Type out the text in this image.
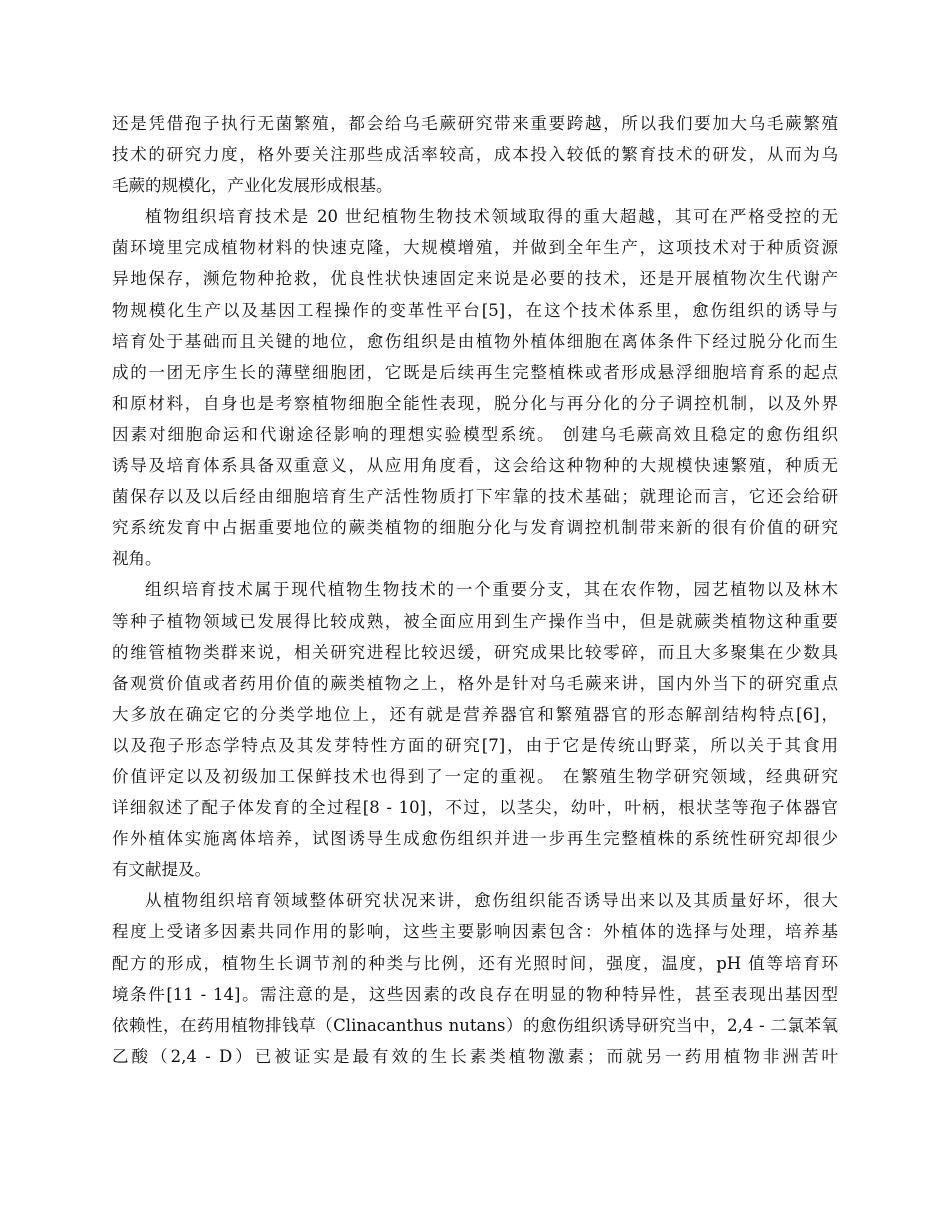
还是凭借孢子执行无菌繁殖，都会给乌毛蕨研究带来重要跨越，所以我们要加大乌毛蕨繁殖
技术的研究力度，格外要关注那些成活率较高，成本投入较低的繁育技术的研发，从而为乌
毛蕨的规模化，产业化发展形成根基。
植物组织培育技术是 20 世纪植物生物技术领域取得的重大超越，其可在严格受控的无
菌环境里完成植物材料的快速克隆，大规模增殖，并做到全年生产，这项技术对于种质资源
异地保存，濒危物种抢救，优良性状快速固定来说是必要的技术，还是开展植物次生代谢产
物规模化生产以及基因工程操作的变革性平台[5]，在这个技术体系里，愈伤组织的诱导与
培育处于基础而且关键的地位，愈伤组织是由植物外植体细胞在离体条件下经过脱分化而生
成的一团无序生长的薄壁细胞团，它既是后续再生完整植株或者形成悬浮细胞培育系的起点
和原材料，自身也是考察植物细胞全能性表现，脱分化与再分化的分子调控机制，以及外界
因素对细胞命运和代谢途径影响的理想实验模型系统。 创建乌毛蕨高效且稳定的愈伤组织
诱导及培育体系具备双重意义，从应用角度看，这会给这种物种的大规模快速繁殖，种质无
菌保存以及以后经由细胞培育生产活性物质打下牢靠的技术基础；就理论而言，它还会给研
究系统发育中占据重要地位的蕨类植物的细胞分化与发育调控机制带来新的很有价值的研究
视角。
组织培育技术属于现代植物生物技术的一个重要分支，其在农作物，园艺植物以及林木
等种子植物领域已发展得比较成熟，被全面应用到生产操作当中，但是就蕨类植物这种重要
的维管植物类群来说，相关研究进程比较迟缓，研究成果比较零碎，而且大多聚集在少数具
备观赏价值或者药用价值的蕨类植物之上，格外是针对乌毛蕨来讲，国内外当下的研究重点
大多放在确定它的分类学地位上，还有就是营养器官和繁殖器官的形态解剖结构特点[6]，
以及孢子形态学特点及其发芽特性方面的研究[7]，由于它是传统山野菜，所以关于其食用
价值评定以及初级加工保鲜技术也得到了一定的重视。 在繁殖生物学研究领域，经典研究
详细叙述了配子体发育的全过程[8 - 10]，不过，以茎尖，幼叶，叶柄，根状茎等孢子体器官
作外植体实施离体培养，试图诱导生成愈伤组织并进一步再生完整植株的系统性研究却很少
有文献提及。
从植物组织培育领域整体研究状况来讲，愈伤组织能否诱导出来以及其质量好坏，很大
程度上受诸多因素共同作用的影响，这些主要影响因素包含：外植体的选择与处理，培养基
配方的形成，植物生长调节剂的种类与比例，还有光照时间，强度，温度，pH 值等培育环
境条件[11 - 14]。需注意的是，这些因素的改良存在明显的物种特异性，甚至表现出基因型
依赖性，在药用植物排钱草（Clinacanthus nutans）的愈伤组织诱导研究当中，2,4 - 二氯苯氧
乙酸（2,4 - D）已被证实是最有效的生长素类植物激素；而就另一药用植物非洲苦叶
